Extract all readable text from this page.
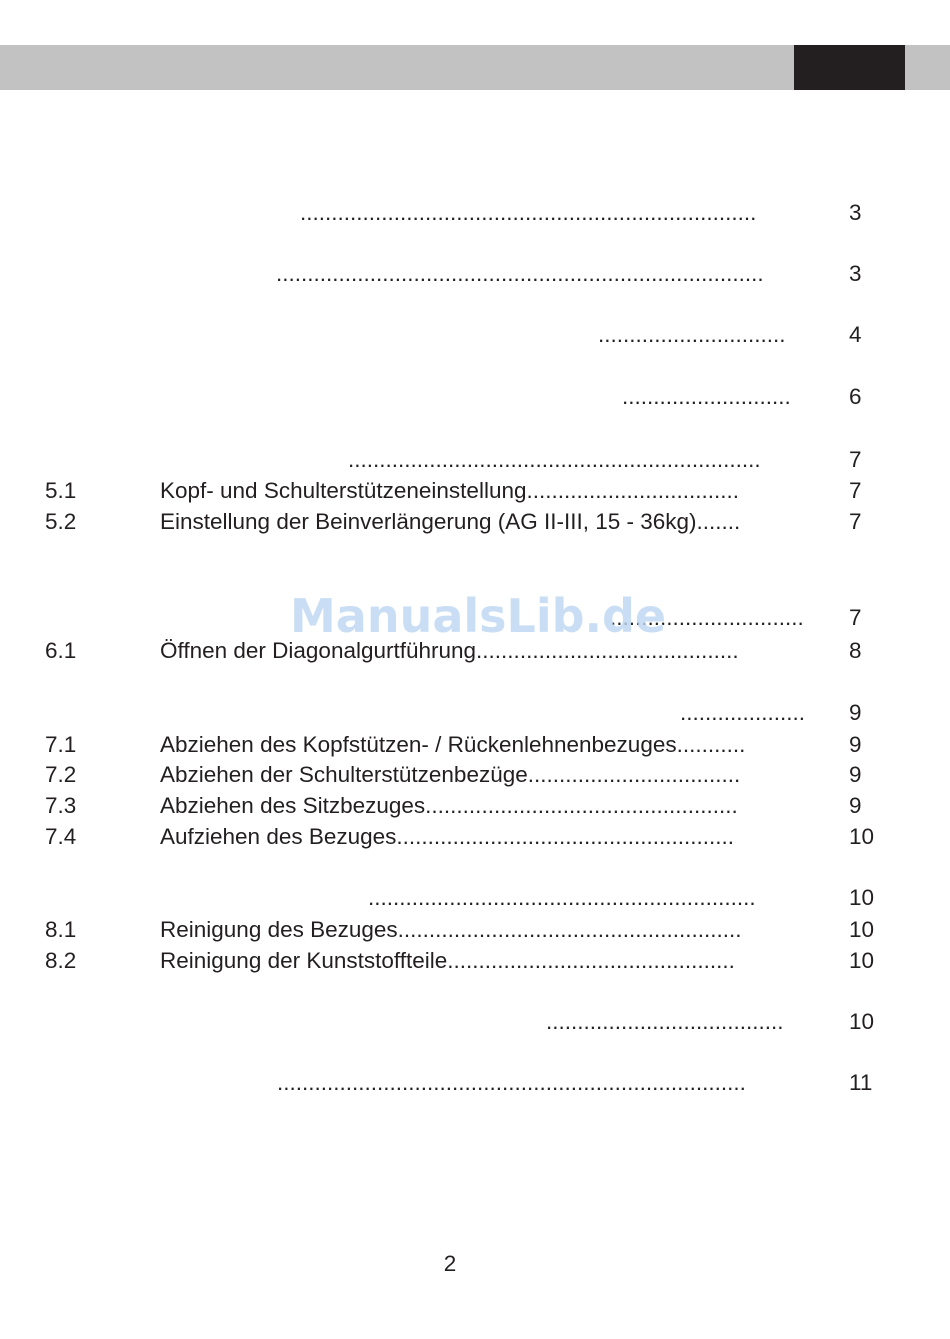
.........................................................................	3
..............................................................................	3
..............................	4
...........................	6
..................................................................	7
5.1	Kopf- und Schulterstützeneinstellung..................................	7
5.2	Einstellung der Beinverlängerung (AG II-III, 15 - 36kg).......	7
............................... 7
6.1	Öffnen der Diagonalgurtführung..........................................	8
.................... 9
7.1	Abziehen des Kopfstützen- / Rückenlehnenbezuges...........	9
7.2	Abziehen der Schulterstützenbezüge..................................	9
7.3	Abziehen des Sitzbezuges..................................................	9
7.4	Aufziehen des Bezuges......................................................	10
..............................................................	10
8.1	Reinigung des Bezuges.......................................................	10
8.2	Reinigung der Kunststoffteile..............................................	10
......................................	10
...........................................................................	11
ManualsLib.de
2
